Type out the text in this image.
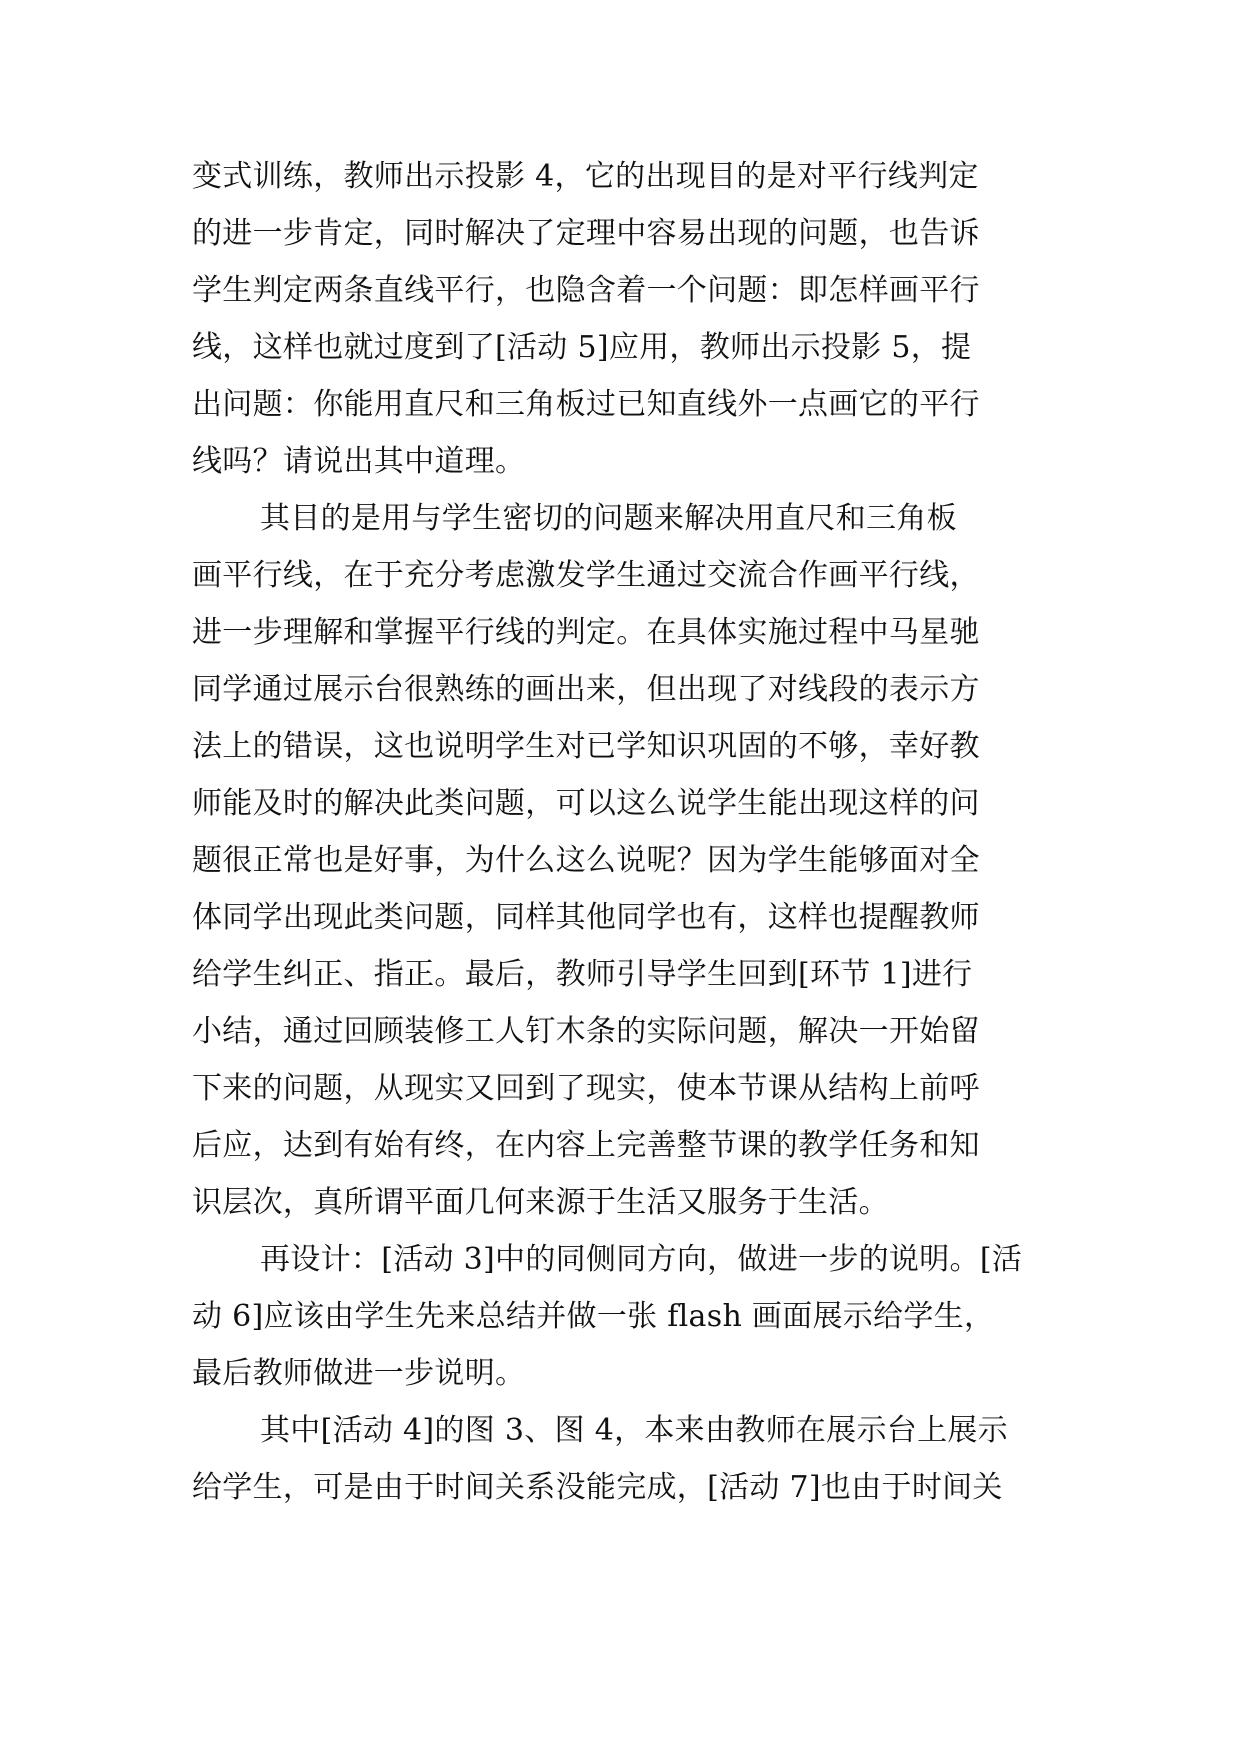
变式训练，教师出示投影 4，它的出现目的是对平行线判定
的进一步肯定，同时解决了定理中容易出现的问题，也告诉
学生判定两条直线平行，也隐含着一个问题：即怎样画平行
线，这样也就过度到了[活动 5]应用，教师出示投影 5，提
出问题：你能用直尺和三角板过已知直线外一点画它的平行
线吗？请说出其中道理。
其目的是用与学生密切的问题来解决用直尺和三角板
画平行线，在于充分考虑激发学生通过交流合作画平行线，
进一步理解和掌握平行线的判定。在具体实施过程中马星驰
同学通过展示台很熟练的画出来，但出现了对线段的表示方
法上的错误，这也说明学生对已学知识巩固的不够，幸好教
师能及时的解决此类问题，可以这么说学生能出现这样的问
题很正常也是好事，为什么这么说呢？因为学生能够面对全
体同学出现此类问题，同样其他同学也有，这样也提醒教师
给学生纠正、指正。最后，教师引导学生回到[环节 1]进行
小结，通过回顾装修工人钉木条的实际问题，解决一开始留
下来的问题，从现实又回到了现实，使本节课从结构上前呼
后应，达到有始有终，在内容上完善整节课的教学任务和知
识层次，真所谓平面几何来源于生活又服务于生活。
再设计：[活动 3]中的同侧同方向，做进一步的说明。[活
动 6]应该由学生先来总结并做一张 flash 画面展示给学生，
最后教师做进一步说明。
其中[活动 4]的图 3、图 4，本来由教师在展示台上展示
给学生，可是由于时间关系没能完成，[活动 7]也由于时间关
